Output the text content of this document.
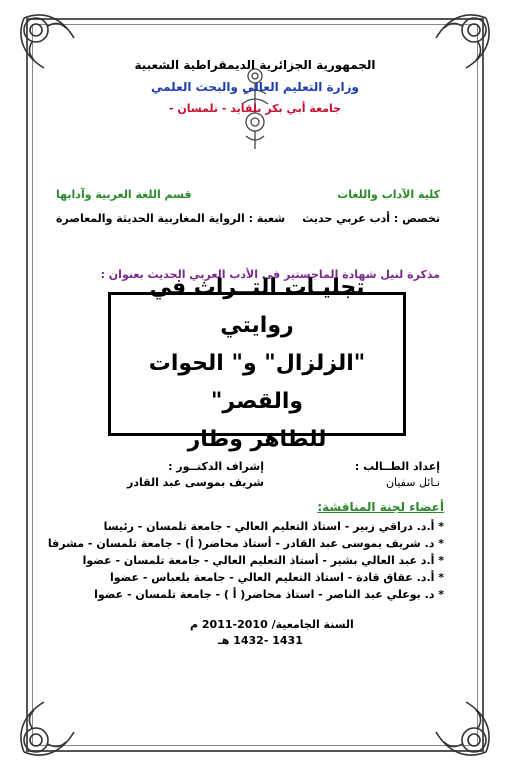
الجمهورية الجزائرية الديمقراطية الشعبية
وزارة التعليم العالي والبحث العلمي
جامعة أبي بكر بلقايد - تلمسان -
كلية الآداب واللغات
قسم اللغة العربية وآدابها
تخصص : أدب عربي حديث
شعبة : الرواية المغاربية الحديثة والمعاصرة
مذكرة لنيل شهادة الماجستير في الأدب العربي الحديث بعنوان :
تجليـات التــراث في روايتي
"الزلزال" و" الحوات والقصر"
للطاهر وطار
إعداد الطــالب :
نـائل سفيان
إشراف الدكتــور :
شريف بموسى عبد القادر
أعضاء لجنة المناقشة:
* أ.د. دراقي زبير - استاذ التعليم العالي - جامعة تلمسان - رئيسا
* د. شريف بموسى عبد القادر - أستاذ محاضر( أ) - جامعة تلمسان - مشرفا
* أ.د عبد العالي بشير - أستاذ التعليم العالي - جامعة تلمسان - عضوا
* أ.د. عقاق قادة - استاذ التعليم العالي - جامعة بلعباس - عضوا
* د. بوعلي عبد الناصر - استاذ محاضر( أ ) - جامعة تلمسان - عضوا
السنة الجامعية/ 2010-2011 م
1431 -1432 هـ
